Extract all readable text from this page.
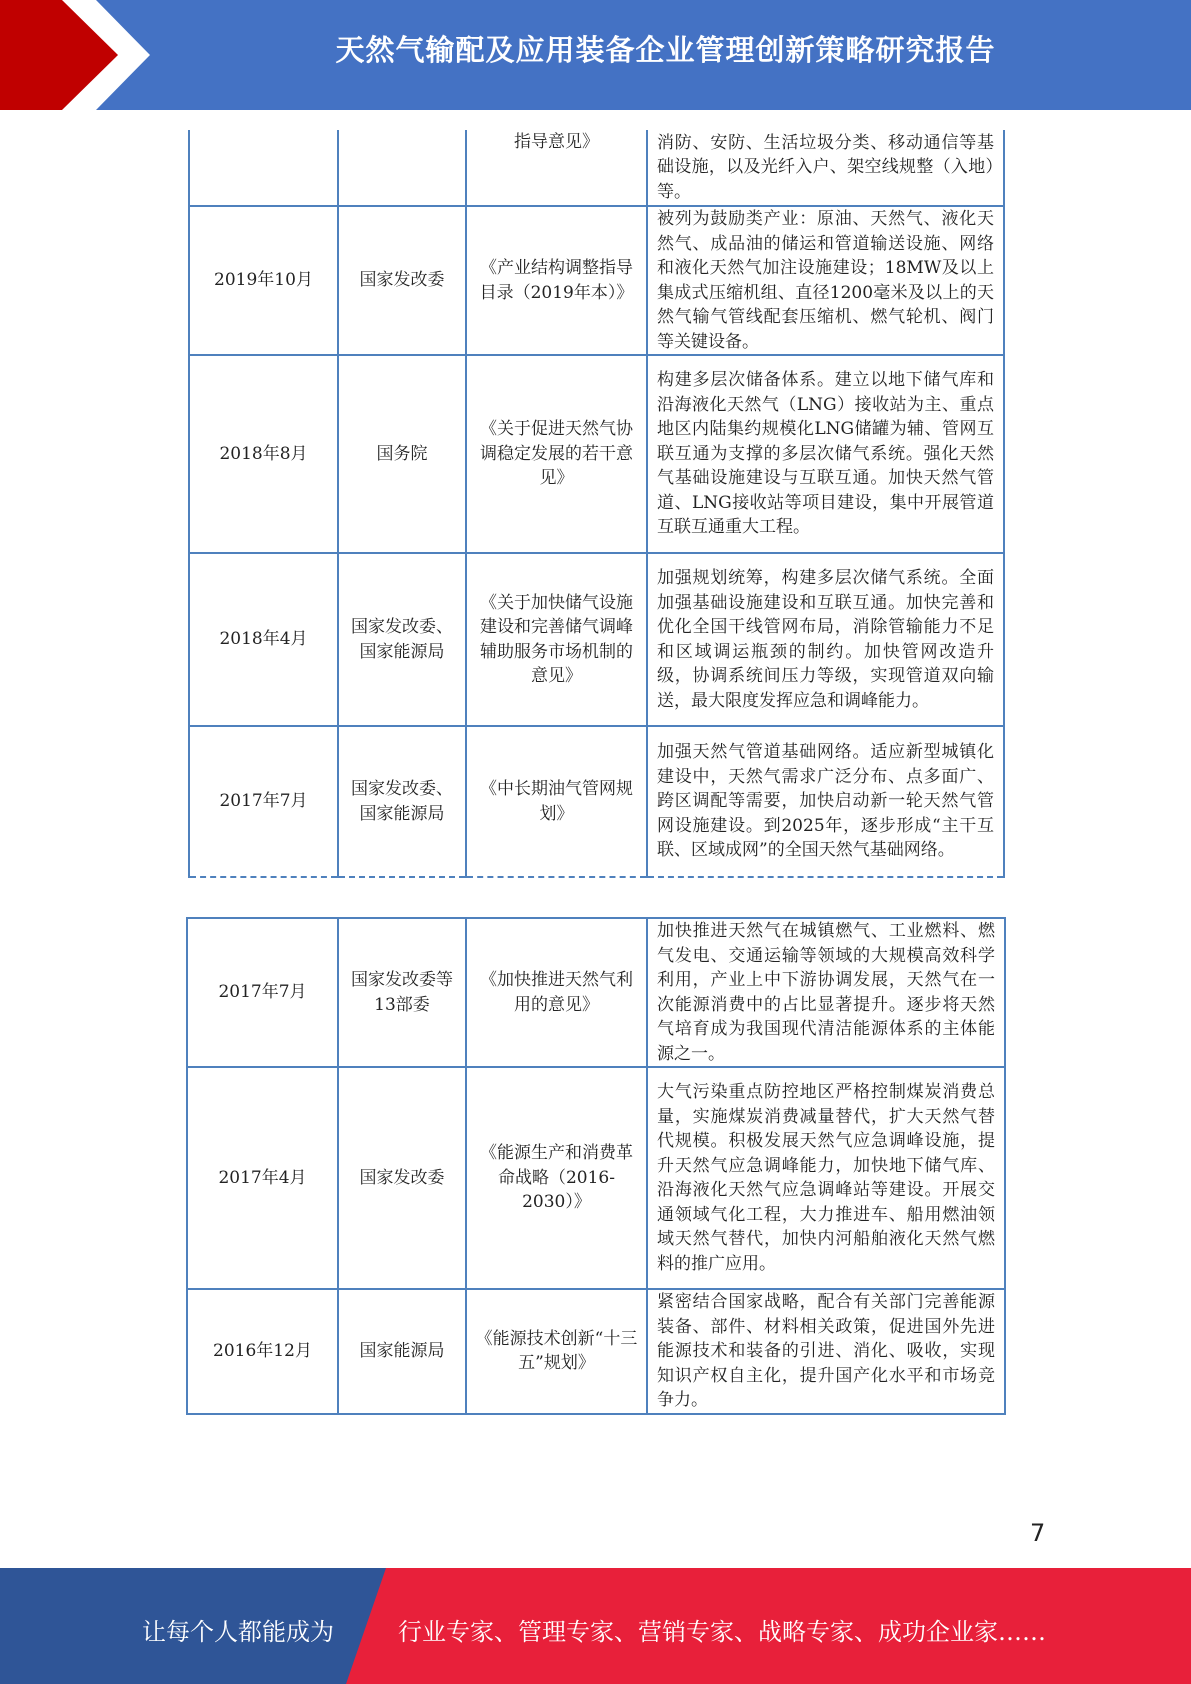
天然气输配及应用装备企业管理创新策略研究报告
		指导意见》	消防、安防、生活垃圾分类、移动通信等基础设施，以及光纤入户、架空线规整（入地）等。
2019年10月	国家发改委	《产业结构调整指导目录（2019年本）》	被列为鼓励类产业：原油、天然气、液化天然气、成品油的储运和管道输送设施、网络和液化天然气加注设施建设；18MW及以上集成式压缩机组、直径1200毫米及以上的天然气输气管线配套压缩机、燃气轮机、阀门等关键设备。
2018年8月	国务院	《关于促进天然气协调稳定发展的若干意见》	构建多层次储备体系。建立以地下储气库和沿海液化天然气（LNG）接收站为主、重点地区内陆集约规模化LNG储罐为辅、管网互联互通为支撑的多层次储气系统。强化天然气基础设施建设与互联互通。加快天然气管道、LNG接收站等项目建设，集中开展管道互联互通重大工程。
2018年4月	国家发改委、国家能源局	《关于加快储气设施建设和完善储气调峰辅助服务市场机制的意见》	加强规划统筹，构建多层次储气系统。全面加强基础设施建设和互联互通。加快完善和优化全国干线管网布局，消除管输能力不足和区域调运瓶颈的制约。加快管网改造升级，协调系统间压力等级，实现管道双向输送，最大限度发挥应急和调峰能力。
2017年7月	国家发改委、国家能源局	《中长期油气管网规划》	加强天然气管道基础网络。适应新型城镇化建设中，天然气需求广泛分布、点多面广、跨区调配等需要，加快启动新一轮天然气管网设施建设。到2025年，逐步形成“主干互联、区域成网”的全国天然气基础网络。
2017年7月	国家发改委等13部委	《加快推进天然气利用的意见》	加快推进天然气在城镇燃气、工业燃料、燃气发电、交通运输等领域的大规模高效科学利用，产业上中下游协调发展，天然气在一次能源消费中的占比显著提升。逐步将天然气培育成为我国现代清洁能源体系的主体能源之一。
2017年4月	国家发改委	《能源生产和消费革命战略（2016-2030）》	大气污染重点防控地区严格控制煤炭消费总量，实施煤炭消费减量替代，扩大天然气替代规模。积极发展天然气应急调峰设施，提升天然气应急调峰能力，加快地下储气库、沿海液化天然气应急调峰站等建设。开展交通领域气化工程，大力推进车、船用燃油领域天然气替代，加快内河船舶液化天然气燃料的推广应用。
2016年12月	国家能源局	《能源技术创新“十三五”规划》	紧密结合国家战略，配合有关部门完善能源装备、部件、材料相关政策，促进国外先进能源技术和装备的引进、消化、吸收，实现知识产权自主化，提升国产化水平和市场竞争力。
7
让每个人都能成为	行业专家、管理专家、营销专家、战略专家、成功企业家……
